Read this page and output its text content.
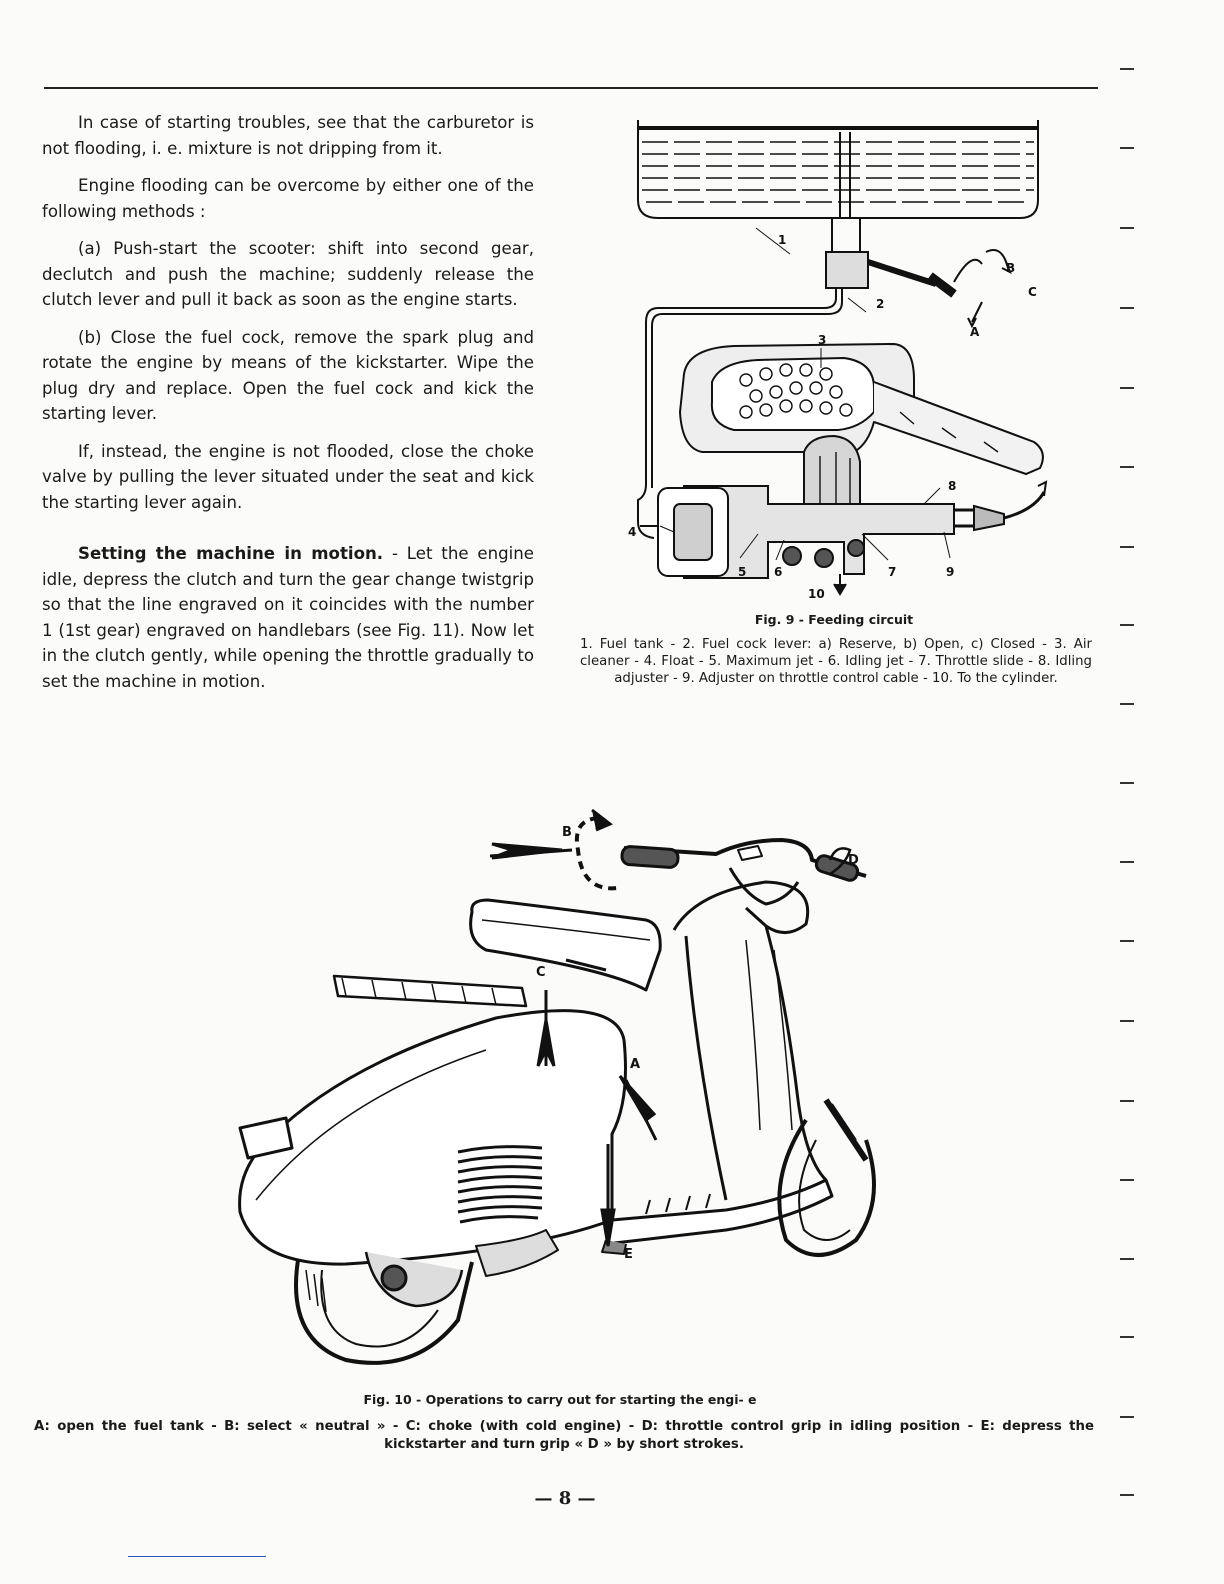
In case of starting troubles, see that the carburetor is not flooding, i. e. mixture is not dripping from it.

Engine flooding can be overcome by either one of the following methods :

(a) Push-start the scooter: shift into second gear, declutch and push the machine; suddenly release the clutch lever and pull it back as soon as the engine starts.

(b) Close the fuel cock, remove the spark plug and rotate the engine by means of the kickstarter. Wipe the plug dry and replace. Open the fuel cock and kick the starting lever.

If, instead, the engine is not flooded, close the choke valve by pulling the lever situated under the seat and kick the starting lever again.

Setting the machine in motion. - Let the engine idle, depress the clutch and turn the gear change twistgrip so that the line engraved on it coincides with the number 1 (1st gear) engraved on handlebars (see Fig. 11). Now let in the clutch gently, while opening the throttle gradually to set the machine in motion.

1
2
3
4
5 6	7
8
9
10
A
B
C
Fig. 9 - Feeding circuit
1. Fuel tank - 2. Fuel cock lever: a) Reserve, b) Open, c) Closed - 3. Air cleaner - 4. Float - 5. Maximum jet - 6. Idling jet - 7. Throttle slide - 8. Idling adjuster - 9. Adjuster on throttle control cable - 10. To the cylinder.
A
B
C
D
E
Fig. 10 - Operations to carry out for starting the engi- e
A: open the fuel tank - B: select « neutral » - C: choke (with cold engine) - D: throttle control grip in idling position - E: depress the kickstarter and turn grip « D » by short strokes.
— 8 —
